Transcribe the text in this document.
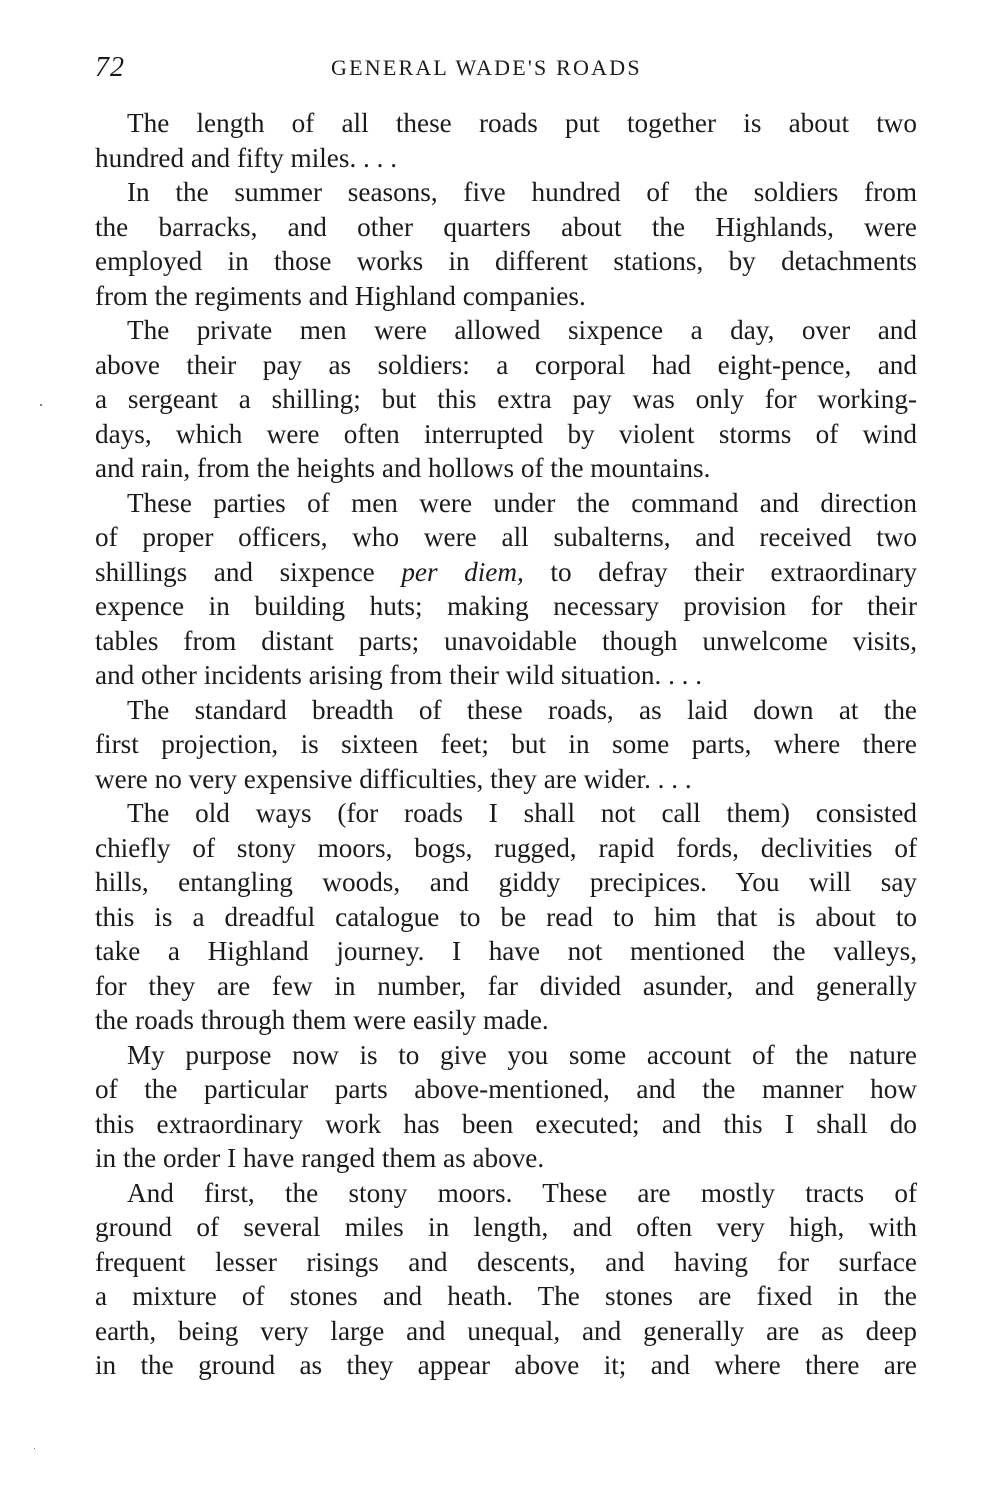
72	GENERAL WADE'S ROADS
The length of all these roads put together is about two
hundred and fifty miles. . . .
In the summer seasons, five hundred of the soldiers from
the barracks, and other quarters about the Highlands, were
employed in those works in different stations, by detachments
from the regiments and Highland companies.
The private men were allowed sixpence a day, over and
above their pay as soldiers: a corporal had eight-pence, and
a sergeant a shilling; but this extra pay was only for working-
days, which were often interrupted by violent storms of wind
and rain, from the heights and hollows of the mountains.
These parties of men were under the command and direction
of proper officers, who were all subalterns, and received two
shillings and sixpence per diem, to defray their extraordinary
expence in building huts; making necessary provision for their
tables from distant parts; unavoidable though unwelcome visits,
and other incidents arising from their wild situation. . . .
The standard breadth of these roads, as laid down at the
first projection, is sixteen feet; but in some parts, where there
were no very expensive difficulties, they are wider. . . .
The old ways (for roads I shall not call them) consisted
chiefly of stony moors, bogs, rugged, rapid fords, declivities of
hills, entangling woods, and giddy precipices. You will say
this is a dreadful catalogue to be read to him that is about to
take a Highland journey. I have not mentioned the valleys,
for they are few in number, far divided asunder, and generally
the roads through them were easily made.
My purpose now is to give you some account of the nature
of the particular parts above-mentioned, and the manner how
this extraordinary work has been executed; and this I shall do
in the order I have ranged them as above.
And first, the stony moors. These are mostly tracts of
ground of several miles in length, and often very high, with
frequent lesser risings and descents, and having for surface
a mixture of stones and heath. The stones are fixed in the
earth, being very large and unequal, and generally are as deep
in the ground as they appear above it; and where there are
